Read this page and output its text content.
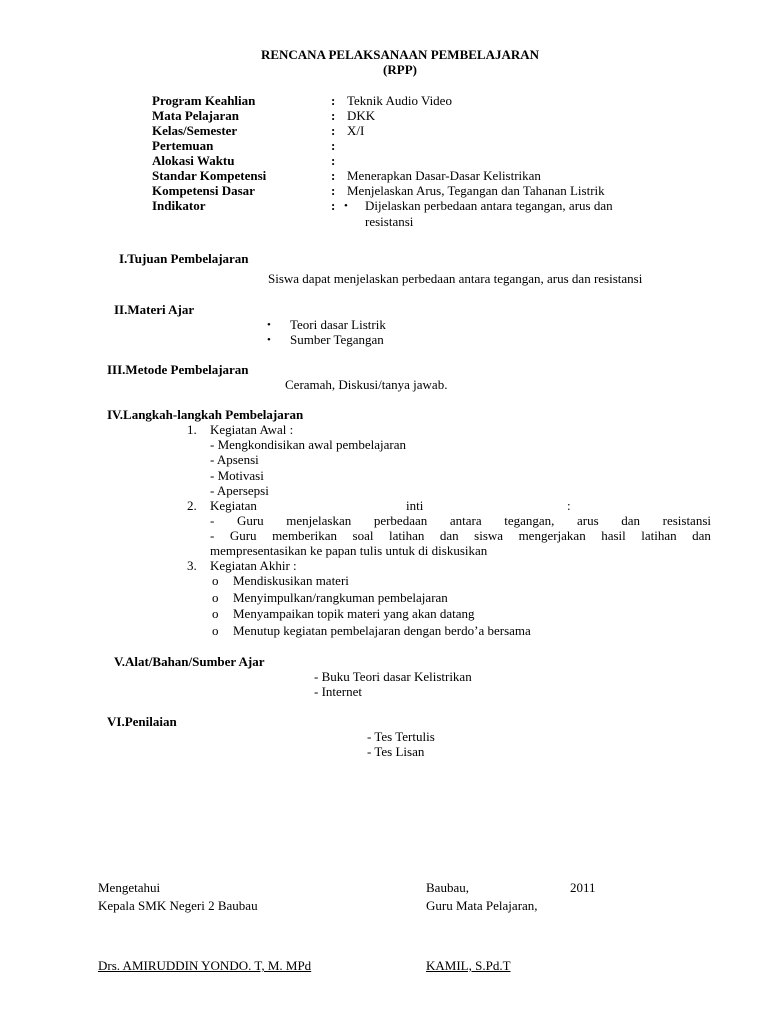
RENCANA PELAKSANAAN PEMBELAJARAN
(RPP)
Program Keahlian	: Teknik Audio Video
Mata Pelajaran	: DKK
Kelas/Semester	: X/I
Pertemuan	:
Alokasi Waktu	:
Standar Kompetensi	: Menerapkan Dasar-Dasar Kelistrikan
Kompetensi Dasar	: Menjelaskan Arus, Tegangan dan Tahanan Listrik
Indikator	: • Dijelaskan perbedaan antara tegangan, arus dan
resistansi
I.Tujuan Pembelajaran
Siswa dapat menjelaskan perbedaan antara tegangan, arus dan resistansi
II.Materi Ajar
• Teori dasar Listrik
• Sumber Tegangan
III.Metode Pembelajaran
Ceramah, Diskusi/tanya jawab.
IV.Langkah-langkah Pembelajaran
1. Kegiatan Awal :
- Mengkondisikan awal pembelajaran
- Apsensi
- Motivasi
- Apersepsi
2. Kegiatan	inti	:
- Guru menjelaskan perbedaan antara tegangan, arus dan resistansi
- Guru memberikan soal latihan dan siswa mengerjakan hasil latihan dan
mempresentasikan ke papan tulis untuk di diskusikan
3. Kegiatan Akhir :
o Mendiskusikan materi
o Menyimpulkan/rangkuman pembelajaran
o Menyampaikan topik materi yang akan datang
o Menutup kegiatan pembelajaran dengan berdo’a bersama
V.Alat/Bahan/Sumber Ajar
- Buku Teori dasar Kelistrikan
- Internet
VI.Penilaian
- Tes Tertulis
- Tes Lisan
Mengetahui
Kepala SMK Negeri 2 Baubau
Drs. AMIRUDDIN YONDO. T, M. MPd
Baubau,	2011
Guru Mata Pelajaran,
KAMIL, S.Pd.T
